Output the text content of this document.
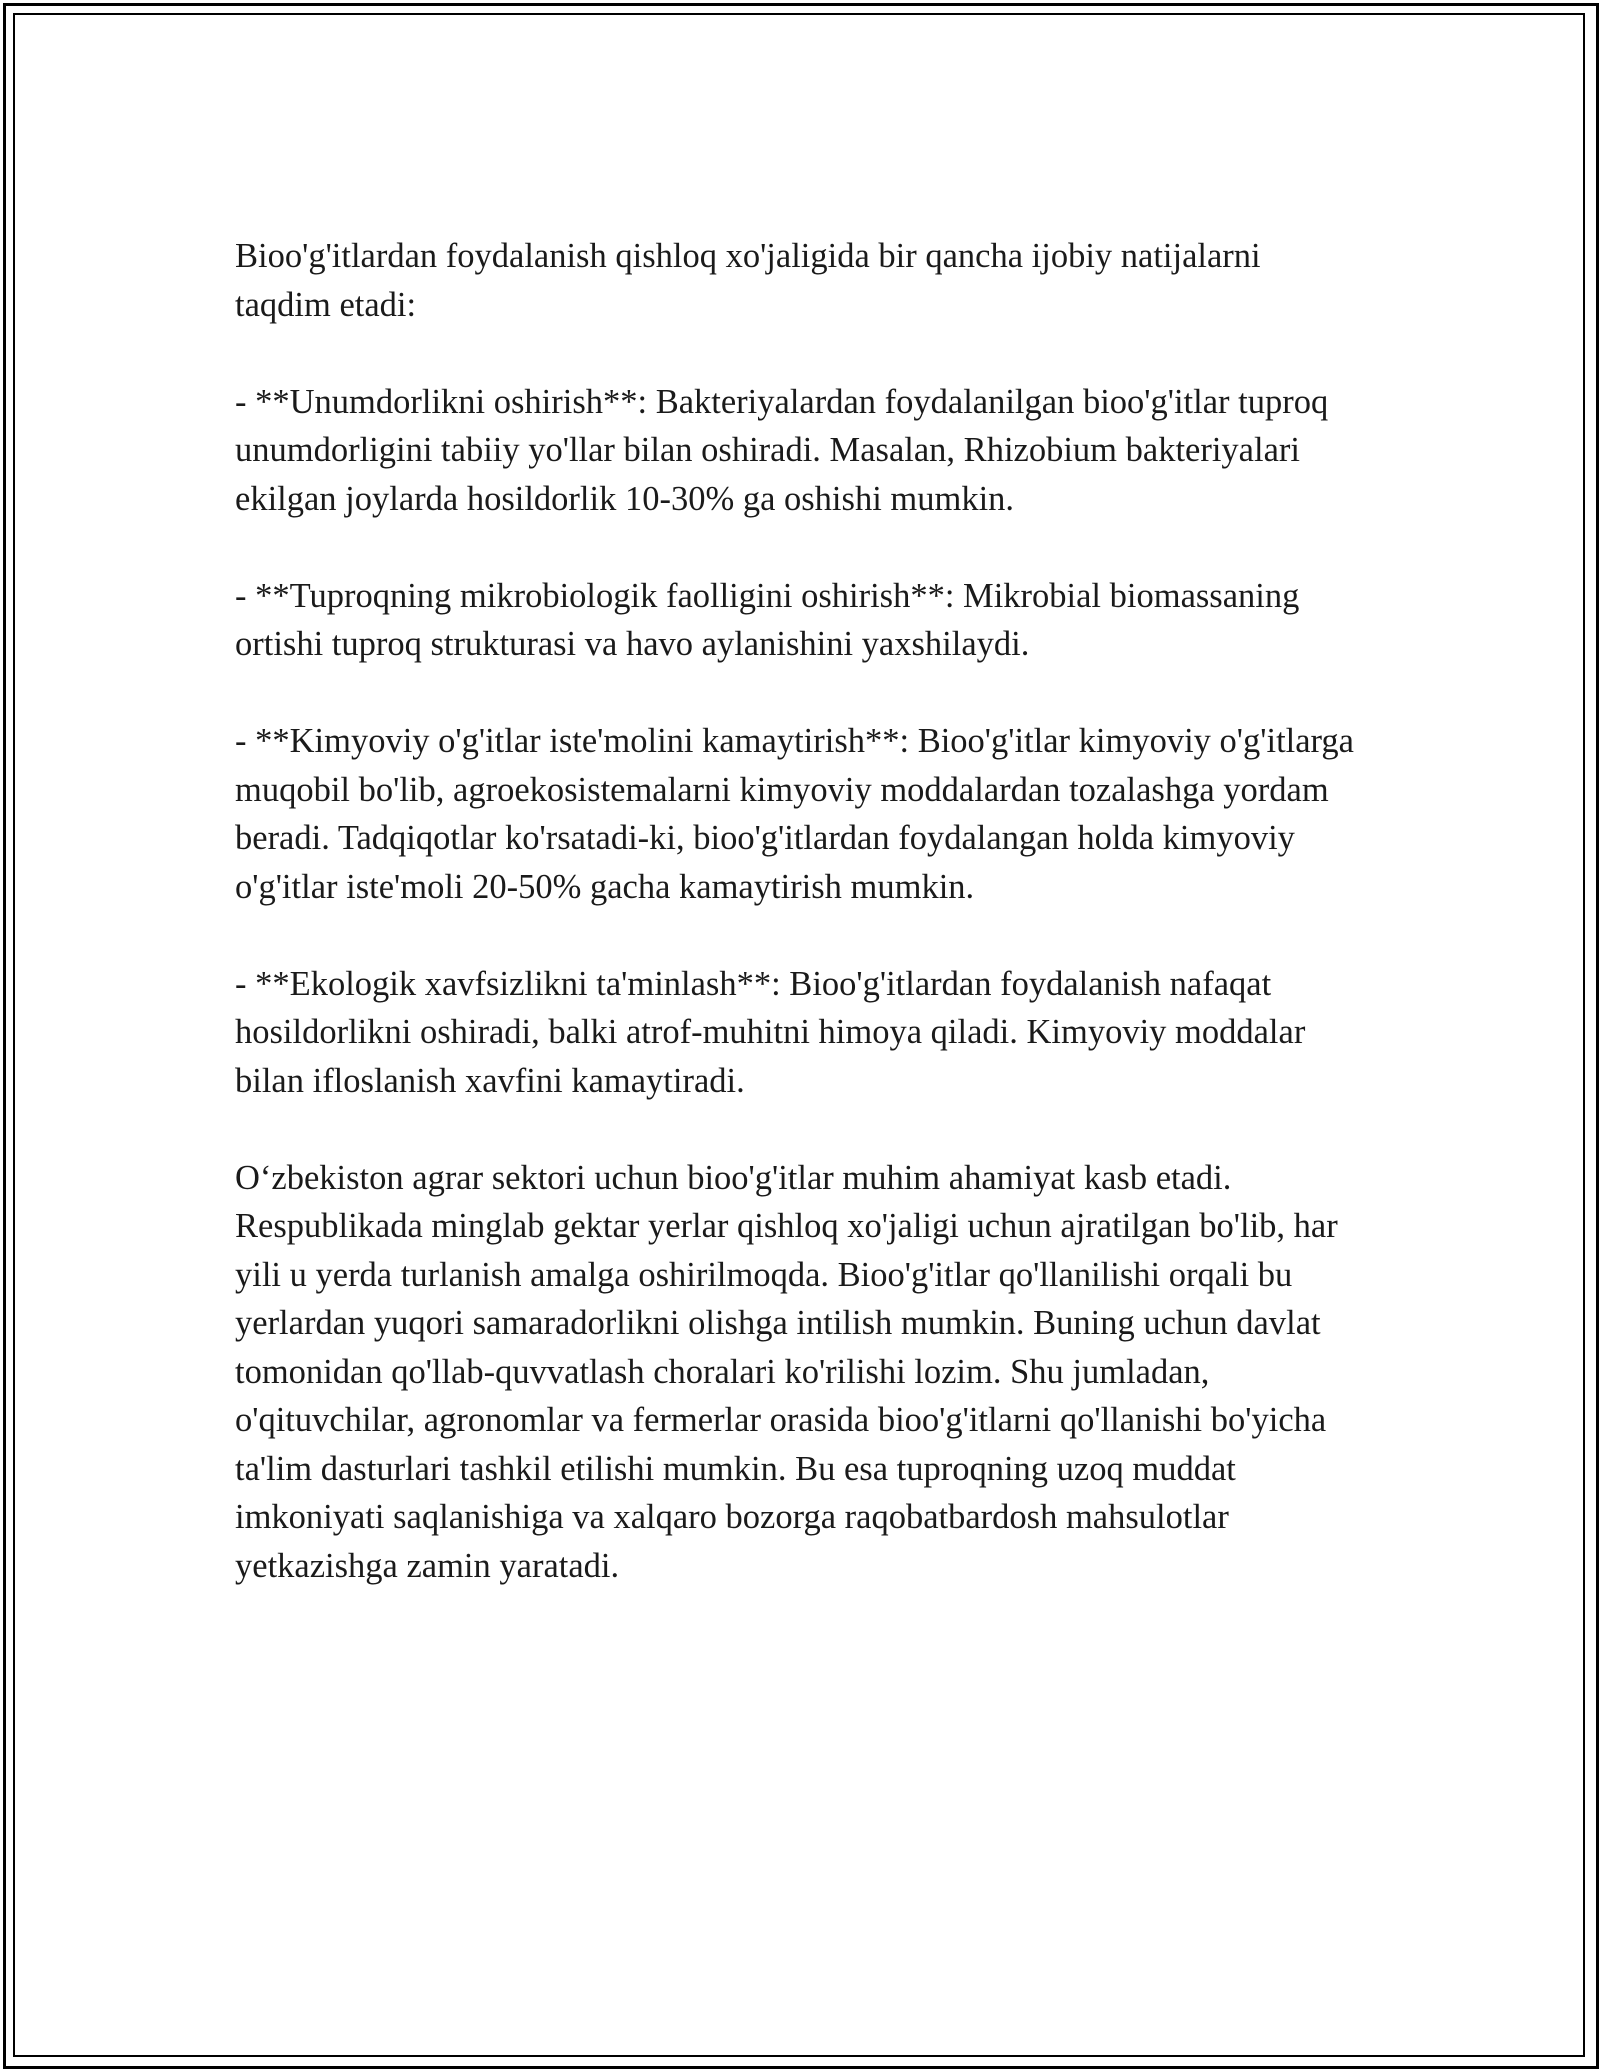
Bioo'g'itlardan foydalanish qishloq xo'jaligida bir qancha ijobiy natijalarni taqdim etadi:

- **Unumdorlikni oshirish**: Bakteriyalardan foydalanilgan bioo'g'itlar tuproq unumdorligini tabiiy yo'llar bilan oshiradi. Masalan, Rhizobium bakteriyalari ekilgan joylarda hosildorlik 10-30% ga oshishi mumkin.

- **Tuproqning mikrobiologik faolligini oshirish**: Mikrobial biomassaning ortishi tuproq strukturasi va havo aylanishini yaxshilaydi.

- **Kimyoviy o'g'itlar iste'molini kamaytirish**: Bioo'g'itlar kimyoviy o'g'itlarga muqobil bo'lib, agroekosistemalarni kimyoviy moddalardan tozalashga yordam beradi. Tadqiqotlar ko'rsatadi-ki, bioo'g'itlardan foydalangan holda kimyoviy o'g'itlar iste'moli 20-50% gacha kamaytirish mumkin.

- **Ekologik xavfsizlikni ta'minlash**: Bioo'g'itlardan foydalanish nafaqat hosildorlikni oshiradi, balki atrof-muhitni himoya qiladi. Kimyoviy moddalar bilan ifloslanish xavfini kamaytiradi.

O‘zbekiston agrar sektori uchun bioo'g'itlar muhim ahamiyat kasb etadi. Respublikada minglab gektar yerlar qishloq xo'jaligi uchun ajratilgan bo'lib, har yili u yerda turlanish amalga oshirilmoqda. Bioo'g'itlar qo'llanilishi orqali bu yerlardan yuqori samaradorlikni olishga intilish mumkin. Buning uchun davlat tomonidan qo'llab-quvvatlash choralari ko'rilishi lozim. Shu jumladan, o'qituvchilar, agronomlar va fermerlar orasida bioo'g'itlarni qo'llanishi bo'yicha ta'lim dasturlari tashkil etilishi mumkin. Bu esa tuproqning uzoq muddat imkoniyati saqlanishiga va xalqaro bozorga raqobatbardosh mahsulotlar yetkazishga zamin yaratadi.
